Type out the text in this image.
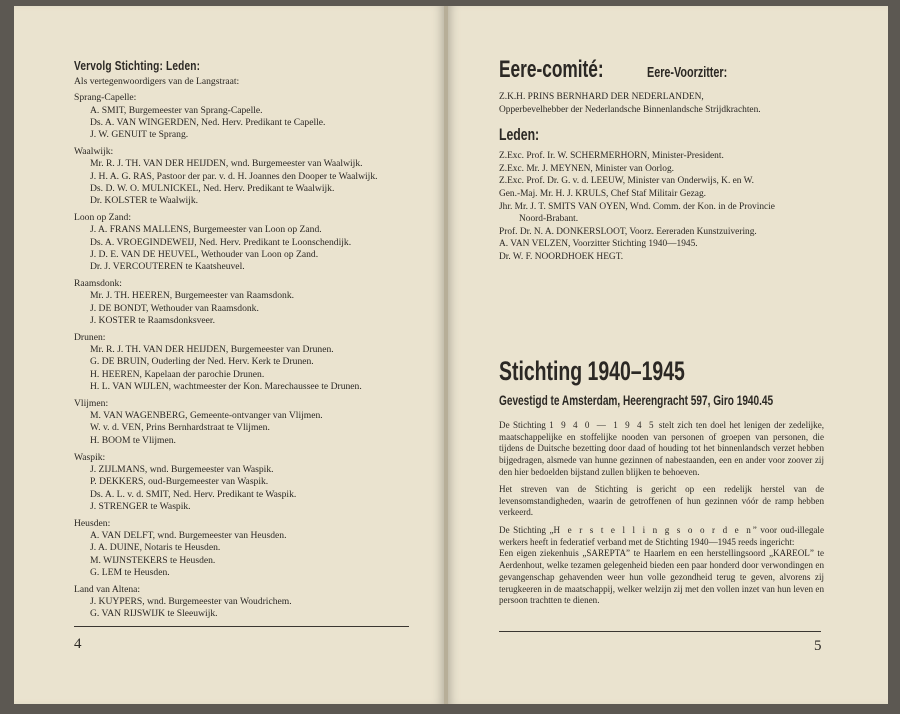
Vervolg Stichting: Leden:
Als vertegenwoordigers van de Langstraat:
Sprang-Capelle:
A. SMIT, Burgemeester van Sprang-Capelle.
Ds. A. VAN WINGERDEN, Ned. Herv. Predikant te Capelle.
J. W. GENUIT te Sprang.
Waalwijk:
Mr. R. J. TH. VAN DER HEIJDEN, wnd. Burgemeester van Waalwijk.
J. H. A. G. RAS, Pastoor der par. v. d. H. Joannes den Dooper te Waalwijk.
Ds. D. W. O. MULNICKEL, Ned. Herv. Predikant te Waalwijk.
Dr. KOLSTER te Waalwijk.
Loon op Zand:
J. A. FRANS MALLENS, Burgemeester van Loon op Zand.
Ds. A. VROEGINDEWEIJ, Ned. Herv. Predikant te Loonschendijk.
J. D. E. VAN DE HEUVEL, Wethouder van Loon op Zand.
Dr. J. VERCOUTEREN te Kaatsheuvel.
Raamsdonk:
Mr. J. TH. HEEREN, Burgemeester van Raamsdonk.
J. DE BONDT, Wethouder van Raamsdonk.
J. KOSTER te Raamsdonksveer.
Drunen:
Mr. R. J. TH. VAN DER HEIJDEN, Burgemeester van Drunen.
G. DE BRUIN, Ouderling der Ned. Herv. Kerk te Drunen.
H. HEEREN, Kapelaan der parochie Drunen.
H. L. VAN WIJLEN, wachtmeester der Kon. Marechaussee te Drunen.
Vlijmen:
M. VAN WAGENBERG, Gemeente-ontvanger van Vlijmen.
W. v. d. VEN, Prins Bernhardstraat te Vlijmen.
H. BOOM te Vlijmen.
Waspik:
J. ZIJLMANS, wnd. Burgemeester van Waspik.
P. DEKKERS, oud-Burgemeester van Waspik.
Ds. A. L. v. d. SMIT, Ned. Herv. Predikant te Waspik.
J. STRENGER te Waspik.
Heusden:
A. VAN DELFT, wnd. Burgemeester van Heusden.
J. A. DUINE, Notaris te Heusden.
M. WIJNSTEKERS te Heusden.
G. LEM te Heusden.
Land van Altena:
J. KUYPERS, wnd. Burgemeester van Woudrichem.
G. VAN RIJSWIJK te Sleeuwijk.
4
Eere-comité:	Eere-Voorzitter:
Z.K.H. PRINS BERNHARD DER NEDERLANDEN,
Opperbevelhebber der Nederlandsche Binnenlandsche Strijdkrachten.
Leden:
Z.Exc. Prof. Ir. W. SCHERMERHORN, Minister-President.
Z.Exc. Mr. J. MEYNEN, Minister van Oorlog.
Z.Exc. Prof. Dr. G. v. d. LEEUW, Minister van Onderwijs, K. en W.
Gen.-Maj. Mr. H. J. KRULS, Chef Staf Militair Gezag.
Jhr. Mr. J. T. SMITS VAN OYEN, Wnd. Comm. der Kon. in de Provincie
Noord-Brabant.
Prof. Dr. N. A. DONKERSLOOT, Voorz. Eereraden Kunstzuivering.
A. VAN VELZEN, Voorzitter Stichting 1940—1945.
Dr. W. F. NOORDHOEK HEGT.
Stichting 1940–1945
Gevestigd te Amsterdam, Heerengracht 597, Giro 1940.45
De Stichting 1 9 4 0 — 1 9 4 5 stelt zich ten doel het lenigen der zedelijke, maatschappelijke en stoffelijke nooden van personen of groepen van personen, die tijdens de Duitsche bezetting door daad of houding tot het binnenlandsch verzet hebben bijgedragen, alsmede van hunne gezinnen of nabestaanden, een en ander voor zoover zij den hier bedoelden bijstand zullen blijken te behoeven.
Het streven van de Stichting is gericht op een redelijk herstel van de levensomstandigheden, waarin de getroffenen of hun gezinnen vóór de ramp hebben verkeerd.
De Stichting „H e r s t e l l i n g s o o r d e n” voor oud-illegale werkers heeft in federatief verband met de Stichting 1940—1945 reeds ingericht:
Een eigen ziekenhuis „SAREPTA” te Haarlem en een herstellingsoord „KAREOL” te Aerdenhout, welke tezamen gelegenheid bieden een paar honderd door verwondingen en gevangenschap gehavenden weer hun volle gezondheid terug te geven, alvorens zij terugkeeren in de maatschappij, welker welzijn zij met den vollen inzet van hun leven en persoon trachtten te dienen.
5
